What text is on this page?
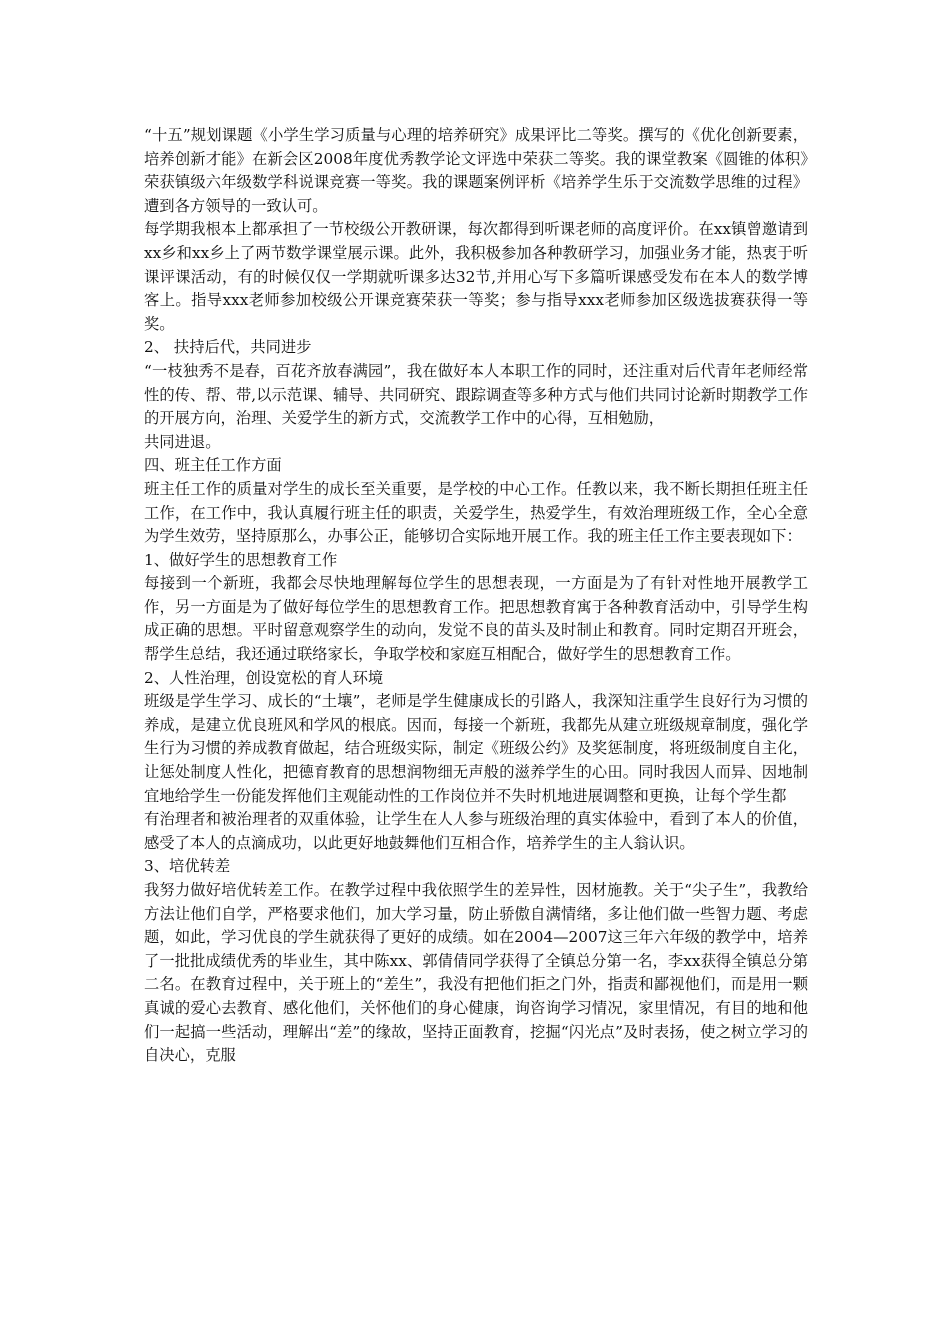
“十五”规划课题《小学生学习质量与心理的培养研究》成果评比二等奖。撰写的《优化创新要素，培养创新才能》在新会区2008年度优秀教学论文评选中荣获二等奖。我的课堂教案《圆锥的体积》荣获镇级六年级数学科说课竞赛一等奖。我的课题案例评析《培养学生乐于交流数学思维的过程》遭到各方领导的一致认可。

每学期我根本上都承担了一节校级公开教研课，每次都得到听课老师的高度评价。在xx镇曾邀请到xx乡和xx乡上了两节数学课堂展示课。此外，我积极参加各种教研学习，加强业务才能，热衷于听课评课活动，有的时候仅仅一学期就听课多达32节,并用心写下多篇听课感受发布在本人的数学博客上。指导xxx老师参加校级公开课竞赛荣获一等奖；参与指导xxx老师参加区级选拔赛获得一等奖。

2、 扶持后代，共同进步

“一枝独秀不是春，百花齐放春满园”，我在做好本人本职工作的同时，还注重对后代青年老师经常性的传、帮、带,以示范课、辅导、共同研究、跟踪调查等多种方式与他们共同讨论新时期教学工作的开展方向，治理、关爱学生的新方式，交流教学工作中的心得，互相勉励，

共同进退。

四、班主任工作方面

班主任工作的质量对学生的成长至关重要，是学校的中心工作。任教以来，我不断长期担任班主任工作，在工作中，我认真履行班主任的职责，关爱学生，热爱学生，有效治理班级工作，全心全意为学生效劳，坚持原那么，办事公正，能够切合实际地开展工作。我的班主任工作主要表现如下：

1、做好学生的思想教育工作

每接到一个新班，我都会尽快地理解每位学生的思想表现，一方面是为了有针对性地开展教学工作，另一方面是为了做好每位学生的思想教育工作。把思想教育寓于各种教育活动中，引导学生构成正确的思想。平时留意观察学生的动向，发觉不良的苗头及时制止和教育。同时定期召开班会，帮学生总结，我还通过联络家长，争取学校和家庭互相配合，做好学生的思想教育工作。

2、人性治理，创设宽松的育人环境

班级是学生学习、成长的“土壤”，老师是学生健康成长的引路人，我深知注重学生良好行为习惯的养成，是建立优良班风和学风的根底。因而，每接一个新班，我都先从建立班级规章制度，强化学生行为习惯的养成教育做起，结合班级实际，制定《班级公约》及奖惩制度，将班级制度自主化，让惩处制度人性化，把德育教育的思想润物细无声般的滋养学生的心田。同时我因人而异、因地制宜地给学生一份能发挥他们主观能动性的工作岗位并不失时机地进展调整和更换，让每个学生都

有治理者和被治理者的双重体验，让学生在人人参与班级治理的真实体验中，看到了本人的价值，感受了本人的点滴成功，以此更好地鼓舞他们互相合作，培养学生的主人翁认识。

3、培优转差

我努力做好培优转差工作。在教学过程中我依照学生的差异性，因材施教。关于“尖子生”，我教给方法让他们自学，严格要求他们，加大学习量，防止骄傲自满情绪，多让他们做一些智力题、考虑题，如此，学习优良的学生就获得了更好的成绩。如在2004—2007这三年六年级的教学中，培养了一批批成绩优秀的毕业生，其中陈xx、郭倩倩同学获得了全镇总分第一名，李xx获得全镇总分第二名。在教育过程中，关于班上的“差生”，我没有把他们拒之门外，指责和鄙视他们，而是用一颗真诚的爱心去教育、感化他们，关怀他们的身心健康，询咨询学习情况，家里情况，有目的地和他们一起搞一些活动，理解出“差”的缘故，坚持正面教育，挖掘“闪光点”及时表扬，使之树立学习的自决心，克服
